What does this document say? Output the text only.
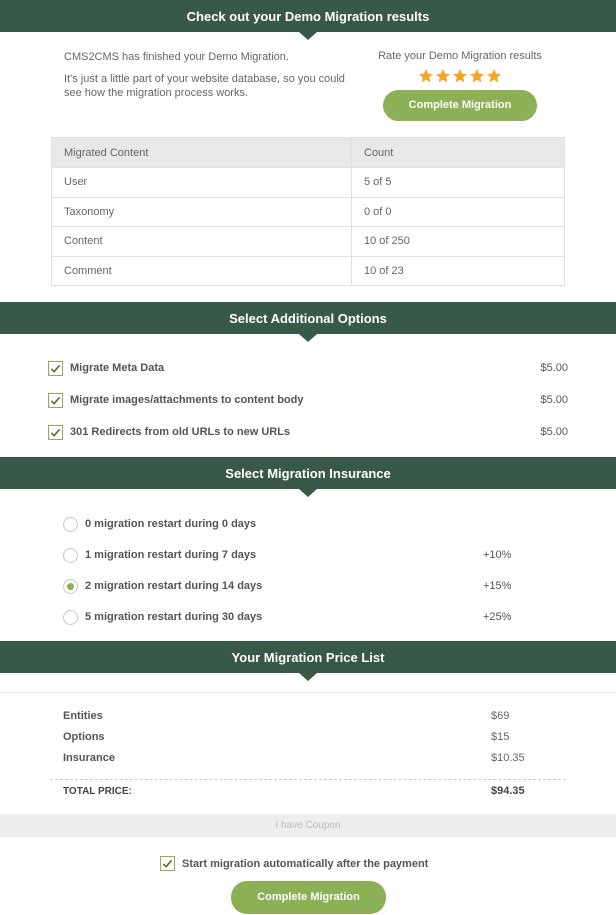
Check out your Demo Migration results

CMS2CMS has finished your Demo Migration.

It's just a little part of your website database, so you could see how the migration process works.

Rate your Demo Migration results
Complete Migration
Migrated Content	Count
User	5 of 5
Taxonomy	0 of 0
Content	10 of 250
Comment	10 of 23
Select Additional Options
Migrate Meta Data	$5.00
Migrate images/attachments to content body	$5.00
301 Redirects from old URLs to new URLs	$5.00
Select Migration Insurance
0 migration restart during 0 days
1 migration restart during 7 days	+10%
2 migration restart during 14 days	+15%
5 migration restart during 30 days	+25%
Your Migration Price List
Entities	$69
Options	$15
Insurance	$10.35
TOTAL PRICE:	$94.35
I have Coupon
Start migration automatically after the payment
Complete Migration
